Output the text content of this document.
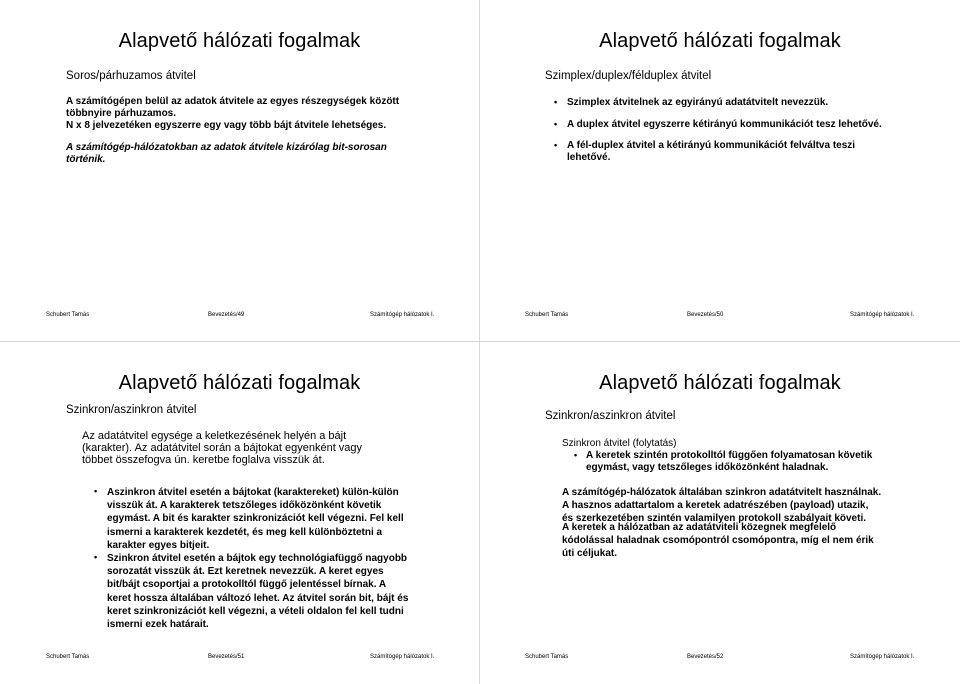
Alapvető hálózati fogalmak
Soros/párhuzamos átvitel

A számítógépen belül az adatok átvitele az egyes részegységek között többnyire párhuzamos.

N x 8 jelvezetéken egyszerre egy vagy több bájt átvitele lehetséges.

A számítógép-hálózatokban az adatok átvitele kizárólag bit-sorosan történik.

Schubert Tamás	Bevezetés/49	Számítógép hálózatok I.
Alapvető hálózati fogalmak
Szimplex/duplex/félduplex átvitel
• Szimplex átvitelnek az egyirányú adatátvitelt nevezzük.
• A duplex átvitel egyszerre kétirányú kommunikációt tesz lehetővé.
• A fél-duplex átvitel a kétirányú kommunikációt felváltva teszi lehetővé.
Schubert Tamás	Bevezetés/50	Számítógép hálózatok I.
Alapvető hálózati fogalmak
Szinkron/aszinkron átvitel

Az adatátvitel egysége a keletkezésének helyén a bájt (karakter). Az adatátvitel során a bájtokat egyenként vagy többet összefogva ún. keretbe foglalva visszük át.

• Aszinkron átvitel esetén a bájtokat (karaktereket) külön-külön visszük át. A karakterek tetszőleges időközönként követik egymást. A bit és karakter szinkronizációt kell végezni. Fel kell ismerni a karakterek kezdetét, és meg kell különböztetni a karakter egyes bitjeit.
• Szinkron átvitel esetén a bájtok egy technológiafüggő nagyobb sorozatát visszük át. Ezt keretnek nevezzük. A keret egyes bit/bájt csoportjai a protokolltól függő jelentéssel bírnak. A keret hossza általában változó lehet. Az átvitel során bit, bájt és keret szinkronizációt kell végezni, a vételi oldalon fel kell tudni ismerni ezek határait.
Schubert Tamás	Bevezetés/51	Számítógép hálózatok I.
Alapvető hálózati fogalmak
Szinkron/aszinkron átvitel
Szinkron átvitel (folytatás)
• A keretek szintén protokolltól függően folyamatosan követik egymást, vagy tetszőleges időközönként haladnak.

A számítógép-hálózatok általában szinkron adatátvitelt használnak. A hasznos adattartalom a keretek adatrészében (payload) utazik, és szerkezetében szintén valamilyen protokoll szabályait követi.

A keretek a hálózatban az adatátviteli közegnek megfelelő kódolással haladnak csomópontról csomópontra, míg el nem érik úti céljukat.

Schubert Tamás	Bevezetés/52	Számítógép hálózatok I.
